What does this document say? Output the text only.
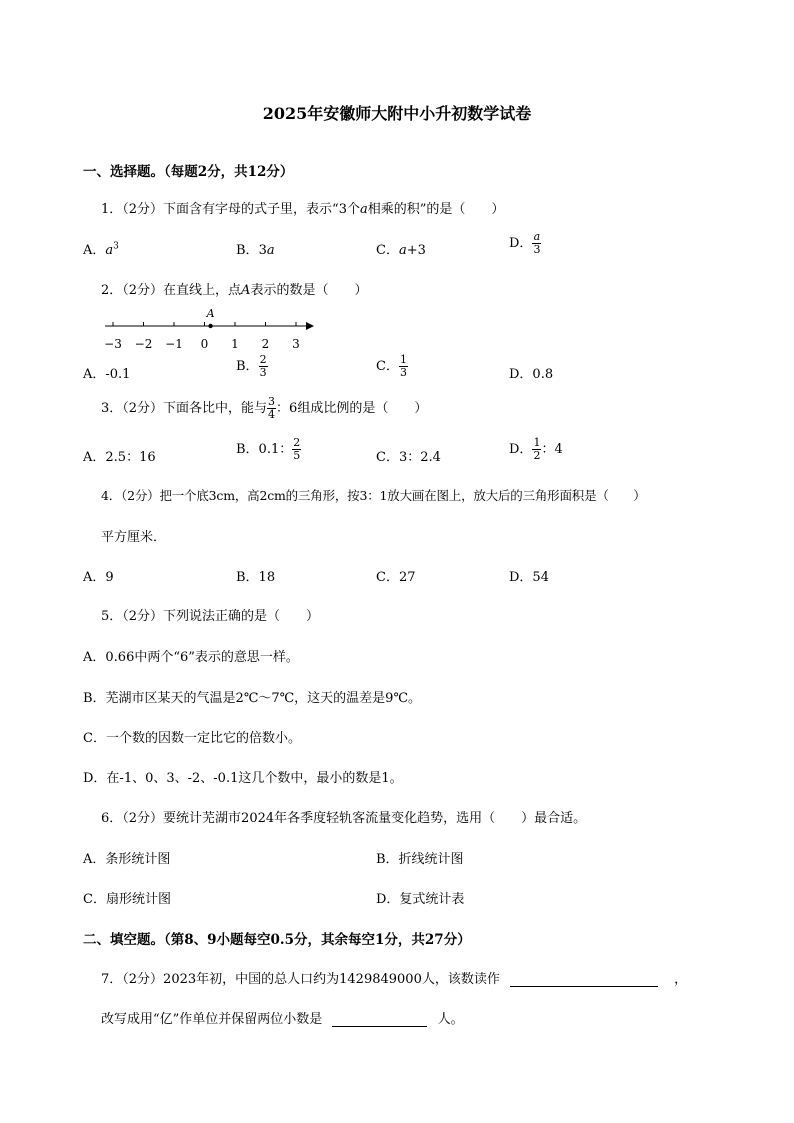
2025年安徽师大附中小升初数学试卷
一、选择题。（每题2分，共12分）
1．（2分）下面含有字母的式子里，表示“3个a相乘的积”的是（　　）
A．$a^3$	B．3a	C．a+3	D． $\frac{a}{3}$
2．（2分）在直线上，点A表示的数是（　　）
−3 −2 −1 0 1 2 3
A
A．-0.1
B． $\frac{2}{3}$	C． $\frac{1}{3}$	D．0.8
3．（2分）下面各比中，能与 $\frac{3}{4}$ ：6组成比例的是（　　）
A．2.5：16
B．0.1： $\frac{2}{5}$	C．3：2.4
D． $\frac{1}{2}$ ：4
4．（2分）把一个底3cm，高2cm的三角形，按3：1放大画在图上，放大后的三角形面积是（　　）
平方厘米．
A．9	B．18	C．27	D．54
5．（2分）下列说法正确的是（　　）
A．0.66中两个“6”表示的意思一样。
B．芜湖市区某天的气温是2℃～7℃，这天的温差是9℃。
C．一个数的因数一定比它的倍数小。
D．在-1、0、3、-2、-0.1这几个数中，最小的数是1。
6．（2分）要统计芜湖市2024年各季度轻轨客流量变化趋势，选用（　　）最合适。
A．条形统计图	B．折线统计图
C．扇形统计图	D．复式统计表
二、填空题。（第8、9小题每空0.5分，其余每空1分，共27分）
7．（2分）2023年初，中国的总人口约为1429849000人，该数读作	，
改写成用“亿”作单位并保留两位小数是	人。
